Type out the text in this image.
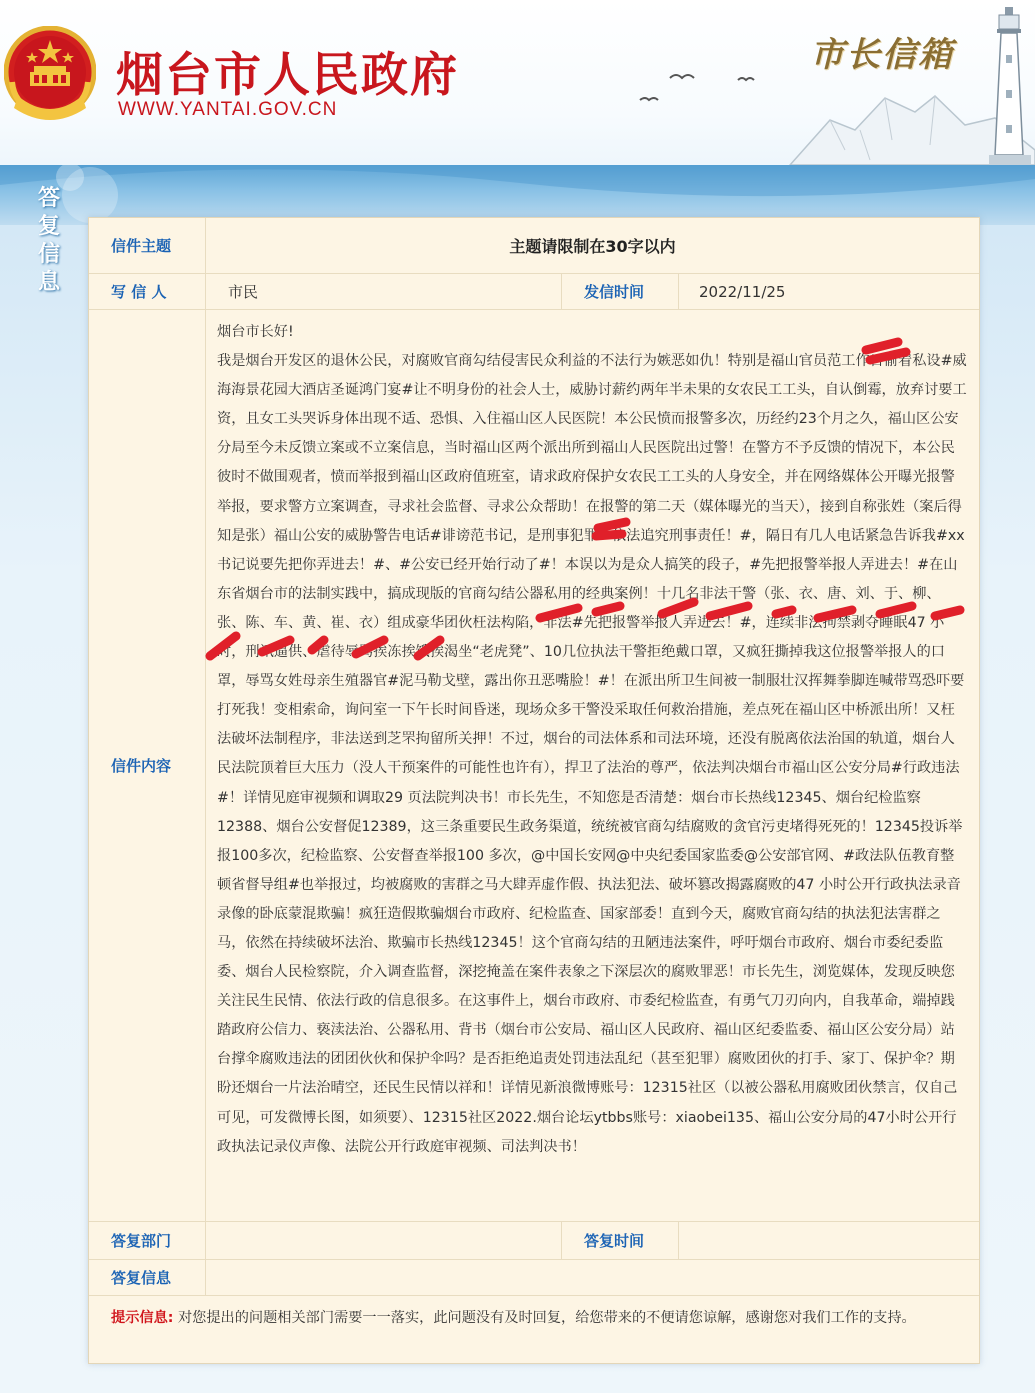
烟台市人民政府
WWW.YANTAI.GOV.CN
市长信箱
答
复
信
息
信件主题	主题请限制在30字以内
写 信 人	市民	发信时间	2022/11/25
信件内容

烟台市长好!

我是烟台开发区的退休公民，对腐败官商勾结侵害民众利益的不法行为嫉恶如仇！特别是福山官员范工作日偷着私设#威海海景花园大酒店圣诞鸿门宴#让不明身份的社会人士，威胁讨薪约两年半未果的女农民工工头，自认倒霉，放弃讨要工资，且女工头哭诉身体出现不适、恐惧、入住福山区人民医院！本公民愤而报警多次，历经约23个月之久，福山区公安分局至今未反馈立案或不立案信息，当时福山区两个派出所到福山人民医院出过警！在警方不予反馈的情况下，本公民彼时不做围观者，愤而举报到福山区政府值班室，请求政府保护女农民工工头的人身安全，并在网络媒体公开曝光报警举报，要求警方立案调查，寻求社会监督、寻求公众帮助！在报警的第二天（媒体曝光的当天），接到自称张姓（案后得知是张）福山公安的威胁警告电话#诽谤范书记，是刑事犯罪！依法追究刑事责任！#，隔日有几人电话紧急告诉我#xx书记说要先把你弄进去！#、#公安已经开始行动了#！本误以为是众人搞笑的段子，#先把报警举报人弄进去！#在山东省烟台市的法制实践中，搞成现版的官商勾结公器私用的经典案例！十几名非法干警（张、衣、唐、刘、于、柳、张、陈、车、黄、崔、衣）组成豪华团伙枉法构陷，非法#先把报警举报人弄进去！#，连续非法拘禁剥夺睡眠47 小时，刑讯逼供、虐待辱骂挨冻挨饿挨渴坐“老虎凳”、10几位执法干警拒绝戴口罩，又疯狂撕掉我这位报警举报人的口罩，辱骂女姓母亲生殖器官#泥马勒戈壁，露出你丑恶嘴脸！#！在派出所卫生间被一制服壮汉挥舞拳脚连喊带骂恐吓要打死我！变相索命，询问室一下午长时间昏迷，现场众多干警没采取任何救治措施，差点死在福山区中桥派出所！又枉法破坏法制程序，非法送到芝罘拘留所关押！不过，烟台的司法体系和司法环境，还没有脱离依法治国的轨道，烟台人民法院顶着巨大压力（没人干预案件的可能性也许有），捍卫了法治的尊严，依法判决烟台市福山区公安分局#行政违法#！详情见庭审视频和调取29 页法院判决书！市长先生，不知您是否清楚：烟台市长热线12345、烟台纪检监察12388、烟台公安督促12389，这三条重要民生政务渠道，统统被官商勾结腐败的贪官污吏堵得死死的！12345投诉举报100多次，纪检监察、公安督查举报100 多次，@中国长安网@中央纪委国家监委@公安部官网、#政法队伍教育整顿省督导组#也举报过，均被腐败的害群之马大肆弄虚作假、执法犯法、破坏篡改揭露腐败的47 小时公开行政执法录音录像的卧底蒙混欺骗！疯狂造假欺骗烟台市政府、纪检监查、国家部委！直到今天，腐败官商勾结的执法犯法害群之马，依然在持续破坏法治、欺骗市长热线12345！这个官商勾结的丑陋违法案件，呼吁烟台市政府、烟台市委纪委监委、烟台人民检察院，介入调查监督，深挖掩盖在案件表象之下深层次的腐败罪恶！市长先生，浏览媒体，发现反映您关注民生民情、依法行政的信息很多。在这事件上，烟台市政府、市委纪检监查，有勇气刀刃向内，自我革命，端掉践踏政府公信力、亵渎法治、公器私用、背书（烟台市公安局、福山区人民政府、福山区纪委监委、福山区公安分局）站台撑伞腐败违法的团团伙伙和保护伞吗？是否拒绝追责处罚违法乱纪（甚至犯罪）腐败团伙的打手、家丁、保护伞？期盼还烟台一片法治晴空，还民生民情以祥和！详情见新浪微博账号：12315社区（以被公器私用腐败团伙禁言，仅自己可见，可发微博长图，如须要）、12315社区2022.烟台论坛ytbbs账号：xiaobei135、福山公安分局的47小时公开行政执法记录仪声像、法院公开行政庭审视频、司法判决书！

答复部门	答复时间
答复信息
提示信息: 对您提出的问题相关部门需要一一落实，此问题没有及时回复，给您带来的不便请您谅解，感谢您对我们工作的支持。
